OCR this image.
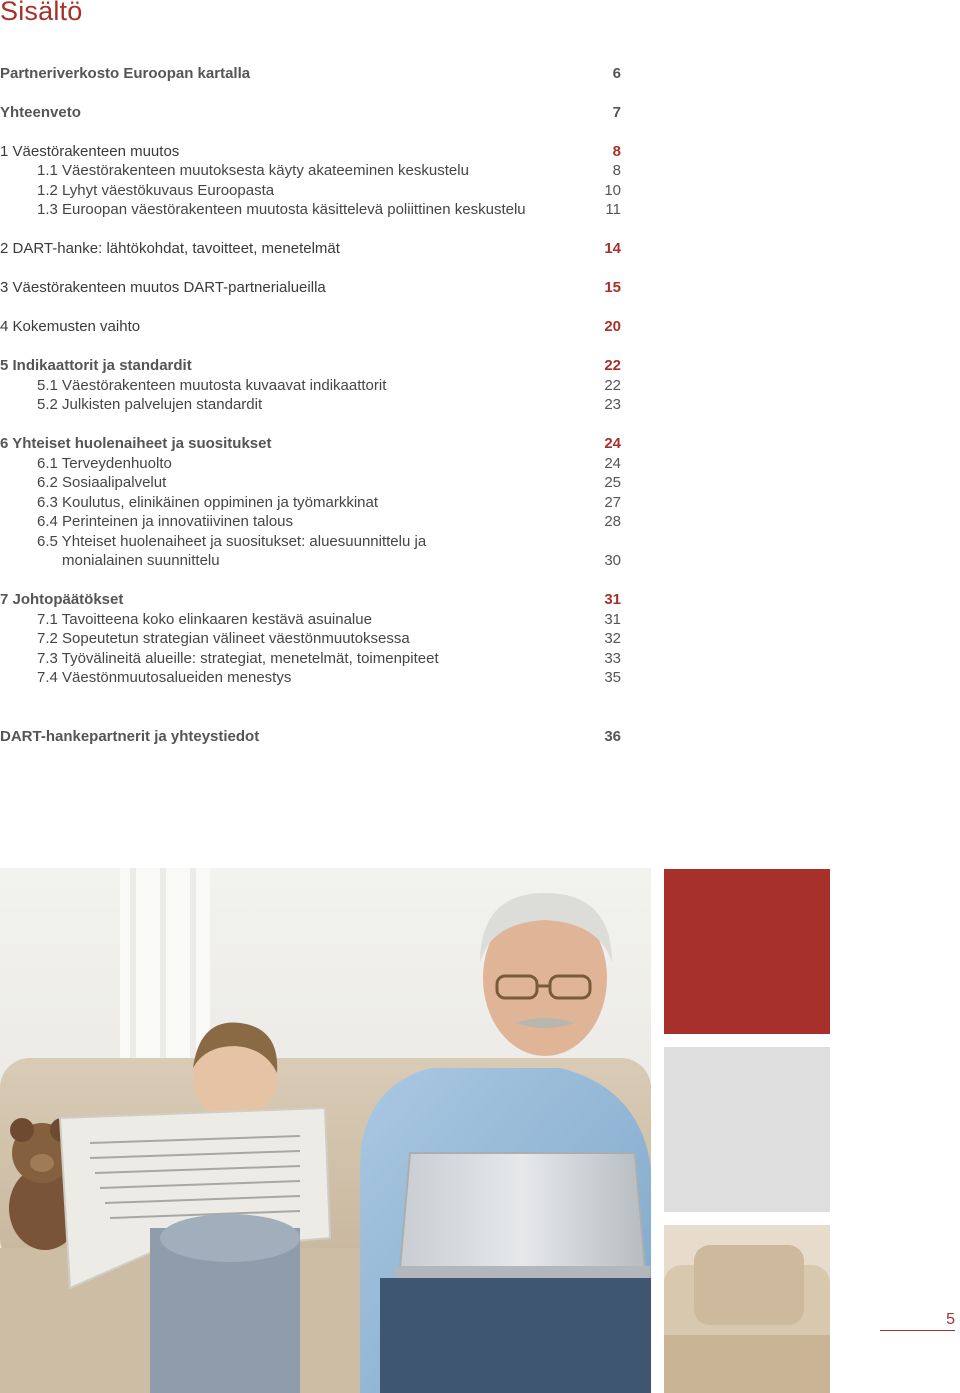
Sisältö
Partneriverkosto Euroopan kartalla	6
Yhteenveto	7
1 Väestörakenteen muutos	8
1.1 Väestörakenteen muutoksesta käyty akateeminen keskustelu	8
1.2 Lyhyt väestökuvaus Euroopasta	10
1.3 Euroopan väestörakenteen muutosta käsittelevä poliittinen keskustelu	11
2 DART-hanke: lähtökohdat, tavoitteet, menetelmät	14
3 Väestörakenteen muutos DART-partnerialueilla	15
4 Kokemusten vaihto	20
5 Indikaattorit ja standardit	22
5.1 Väestörakenteen muutosta kuvaavat indikaattorit	22
5.2 Julkisten palvelujen standardit	23
6 Yhteiset huolenaiheet ja suositukset	24
6.1 Terveydenhuolto	24
6.2 Sosiaalipalvelut	25
6.3 Koulutus, elinikäinen oppiminen ja työmarkkinat	27
6.4 Perinteinen ja innovatiivinen talous	28
6.5 Yhteiset huolenaiheet ja suositukset: aluesuunnittelu ja
monialainen suunnittelu	30
7 Johtopäätökset	31
7.1 Tavoitteena koko elinkaaren kestävä asuinalue	31
7.2 Sopeutetun strategian välineet väestönmuutoksessa	32
7.3 Työvälineitä alueille: strategiat, menetelmät, toimenpiteet	33
7.4 Väestönmuutosalueiden menestys	35
DART-hankepartnerit ja yhteystiedot	36
5
